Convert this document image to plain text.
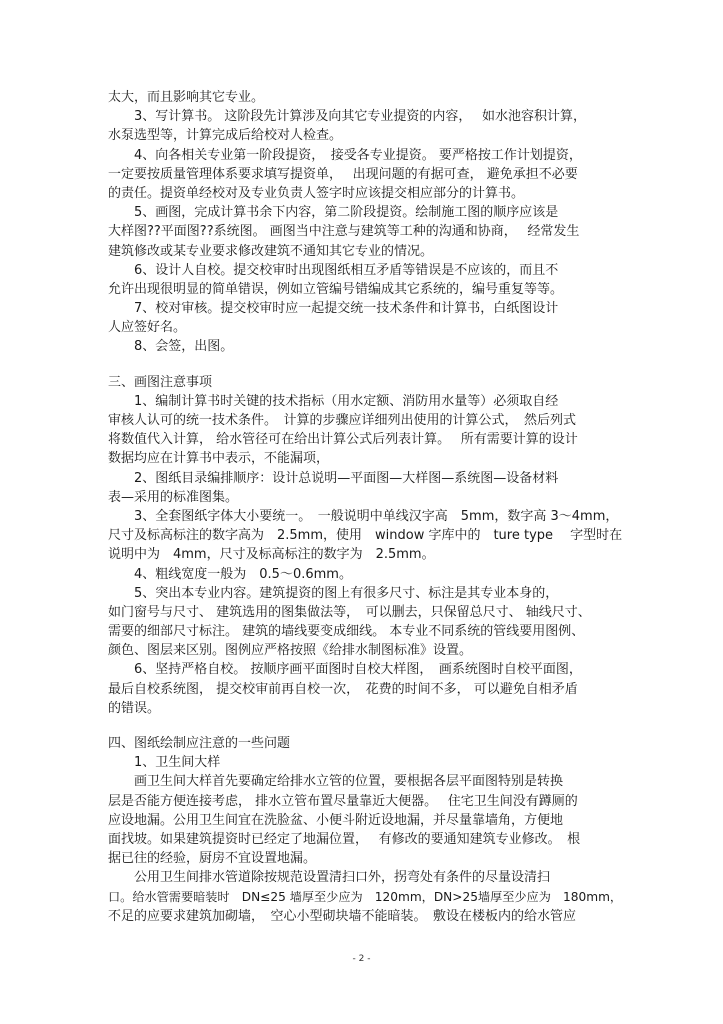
太大，而且影响其它专业。
　　3、写计算书。 这阶段先计算涉及向其它专业提资的内容，　 如水池容积计算，
水泵选型等，计算完成后给校对人检查。
　　4、向各相关专业第一阶段提资，　接受各专业提资。 要严格按工作计划提资，
一定要按质量管理体系要求填写提资单，　 出现问题的有据可查， 避免承担不必要
的责任。提资单经校对及专业负责人签字时应该提交相应部分的计算书。
　　5、画图，完成计算书余下内容，第二阶段提资。绘制施工图的顺序应该是
大样图??平面图??系统图。 画图当中注意与建筑等工种的沟通和协商，　 经常发生
建筑修改或某专业要求修改建筑不通知其它专业的情况。
　　6、设计人自校。提交校审时出现图纸相互矛盾等错误是不应该的，而且不
允许出现很明显的简单错误，例如立管编号错编成其它系统的，编号重复等等。
　　7、校对审核。提交校审时应一起提交统一技术条件和计算书，白纸图设计
人应签好名。
　　8、会签，出图。
三、画图注意事项
　　1、编制计算书时关键的技术指标（用水定额、消防用水量等）必须取自经
审核人认可的统一技术条件。　计算的步骤应详细列出使用的计算公式，　然后列式
将数值代入计算， 给水管径可在给出计算公式后列表计算。　 所有需要计算的设计
数据均应在计算书中表示，不能漏项，
　　2、图纸目录编排顺序：设计总说明—平面图—大样图—系统图—设备材料
表—采用的标准图集。
　　3、全套图纸字体大小要统一。　一般说明中单线汉字高　5mm，数字高 3～4mm，
尺寸及标高标注的数字高为　2.5mm，使用　window 字库中的　ture type　 字型时在
说明中为　4mm，尺寸及标高标注的数字为　2.5mm。
　　4、粗线宽度一般为　0.5～0.6mm。
　　5、突出本专业内容。建筑提资的图上有很多尺寸、标注是其专业本身的，
如门窗号与尺寸、 建筑选用的图集做法等，　可以删去，只保留总尺寸、 轴线尺寸、
需要的细部尺寸标注。 建筑的墙线要变成细线。 本专业不同系统的管线要用图例、
颜色、图层来区别。图例应严格按照《给排水制图标准》设置。
　　6、坚持严格自校。 按顺序画平面图时自校大样图，　画系统图时自校平面图，
最后自校系统图， 提交校审前再自校一次，　花费的时间不多， 可以避免自相矛盾
的错误。
四、图纸绘制应注意的一些问题
　　1、卫生间大样
　　画卫生间大样首先要确定给排水立管的位置，要根据各层平面图特别是转换
层是否能方便连接考虑， 排水立管布置尽量靠近大便器。　 住宅卫生间没有蹲厕的
应设地漏。公用卫生间宜在洗脸盆、小便斗附近设地漏，并尽量靠墙角，方便地
面找坡。如果建筑提资时已经定了地漏位置，　 有修改的要通知建筑专业修改。　根
据已往的经验，厨房不宜设置地漏。
　　公用卫生间排水管道除按规范设置清扫口外，拐弯处有条件的尽量设清扫
口。给水管需要暗装时　DN≤25 墙厚至少应为　120mm，DN>25墙厚至少应为　180mm，
不足的应要求建筑加砌墙，　空心小型砌块墙不能暗装。　敷设在楼板内的给水管应
- 2 -
